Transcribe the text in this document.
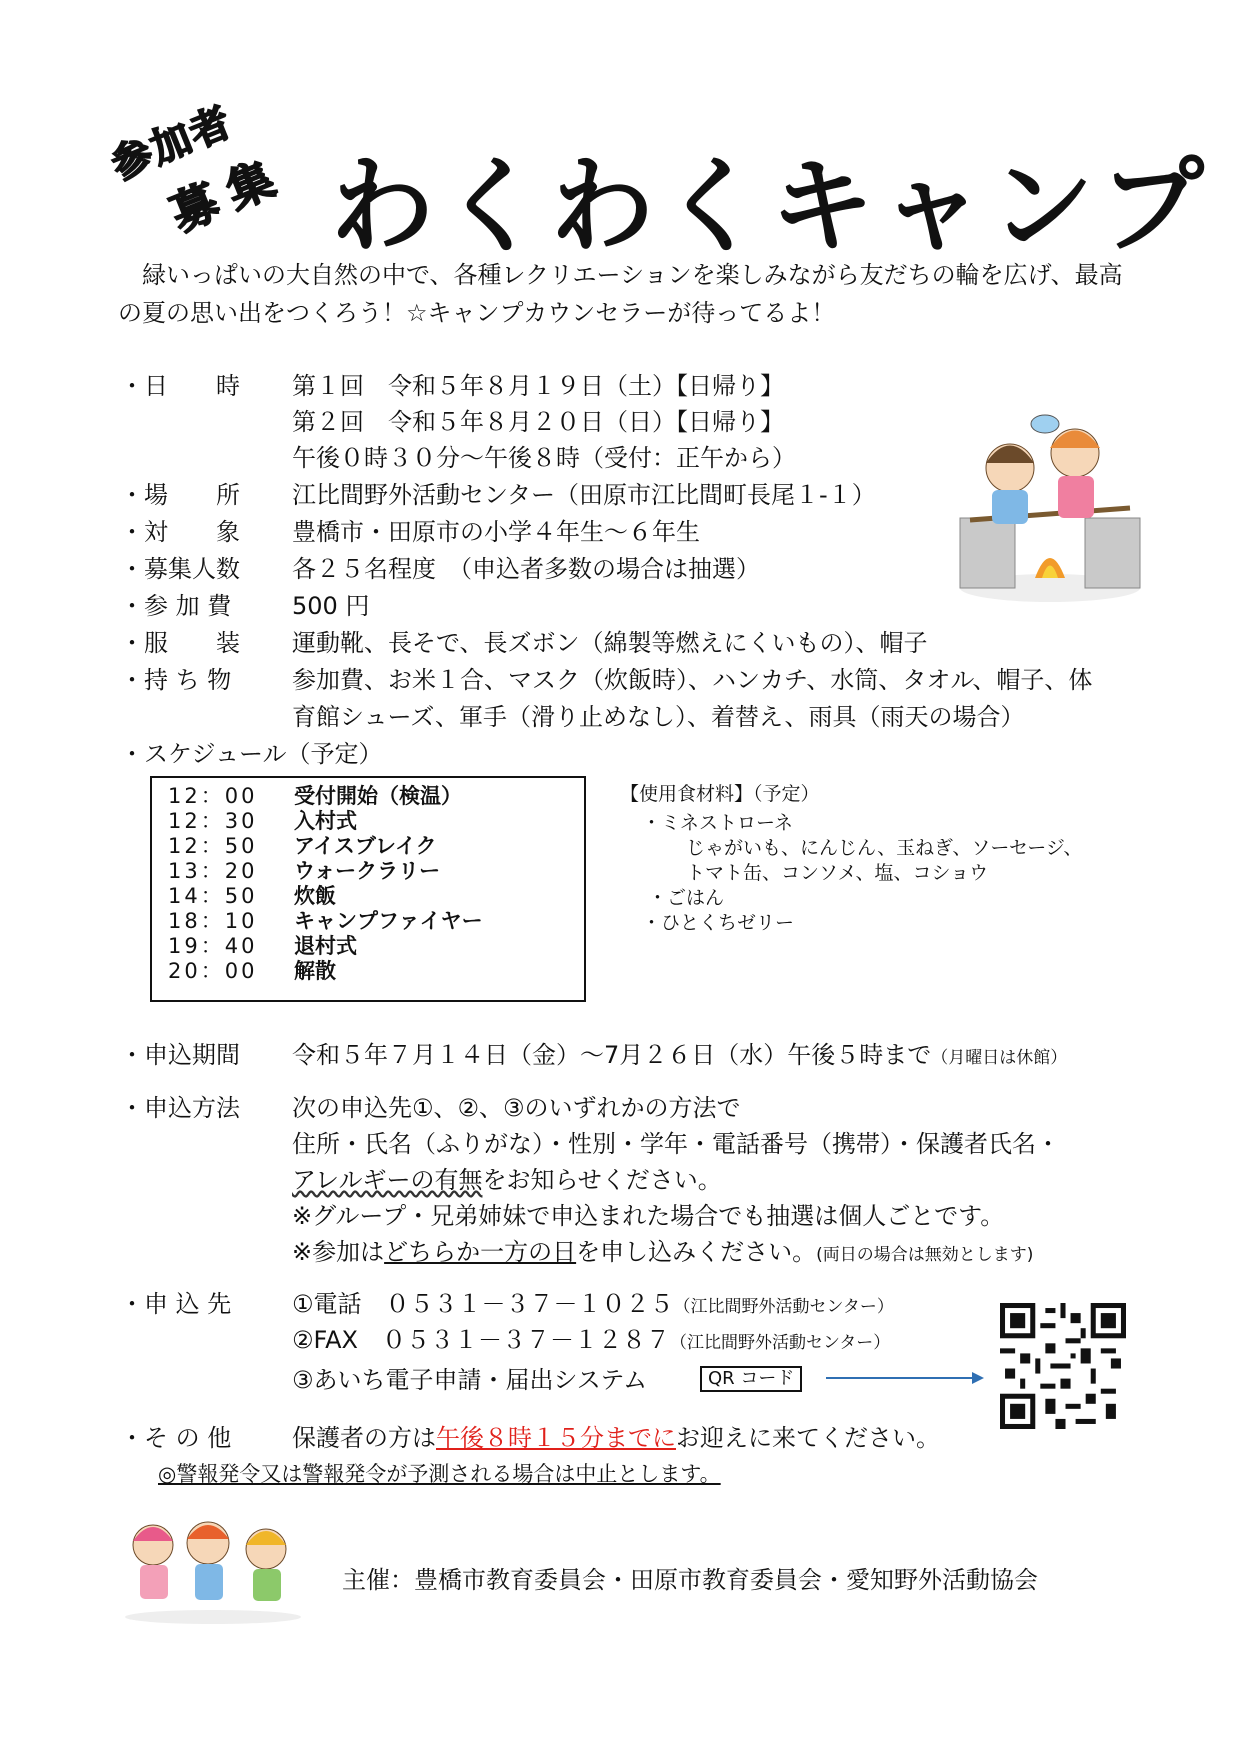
参加者
募集 わくわくキャンプ
緑いっぱいの大自然の中で、各種レクリエーションを楽しみながら友だちの輪を広げ、最高の夏の思い出をつくろう！☆キャンプカウンセラーが待ってるよ！
・日　　時 第１回　令和５年８月１９日（土）【日帰り】
第２回　令和５年８月２０日（日）【日帰り】
午後０時３０分～午後８時（受付：正午から）
・場　　所 江比間野外活動センター（田原市江比間町長尾１-１）
・対　　象 豊橋市・田原市の小学４年生～６年生
・募集人数 各２５名程度　（申込者多数の場合は抽選）
・参 加 費	500 円
・服　　装 運動靴、長そで、長ズボン（綿製等燃えにくいもの）、帽子
・持 ち 物	参加費、お米１合、マスク（炊飯時）、ハンカチ、水筒、タオル、帽子、体
育館シューズ、軍手（滑り止めなし）、着替え、雨具（雨天の場合）
・スケジュール（予定）
12：00 受付開始（検温）
12：30 入村式
12：50 アイスブレイク
13：20 ウォークラリー
14：50 炊飯
18：10 キャンプファイヤー
19：40 退村式
20：00 解散
【使用食材料】（予定）
・ミネストローネ
じゃがいも、にんじん、玉ねぎ、ソーセージ、
トマト缶、コンソメ、塩、コショウ
・ごはん
・ひとくちゼリー
・申込期間 令和５年７月１４日（金）～7月２６日（水）午後５時まで（月曜日は休館）
・申込方法 次の申込先①、②、③のいずれかの方法で
住所・氏名（ふりがな）・性別・学年・電話番号（携帯）・保護者氏名・
アレルギーの有無をお知らせください。
※グループ・兄弟姉妹で申込まれた場合でも抽選は個人ごとです。
※参加はどちらか一方の日を申し込みください。(両日の場合は無効とします)
・申 込 先	①電話　０５３１－３７－１０２５（江比間野外活動センター）
②FAX　０５３１－３７－１２８７（江比間野外活動センター）
③あいち電子申請・届出システム	QR コード
・そ の 他	保護者の方は午後８時１５分までにお迎えに来てください。
◎警報発令又は警報発令が予測される場合は中止とします。
主催：豊橋市教育委員会・田原市教育委員会・愛知野外活動協会
